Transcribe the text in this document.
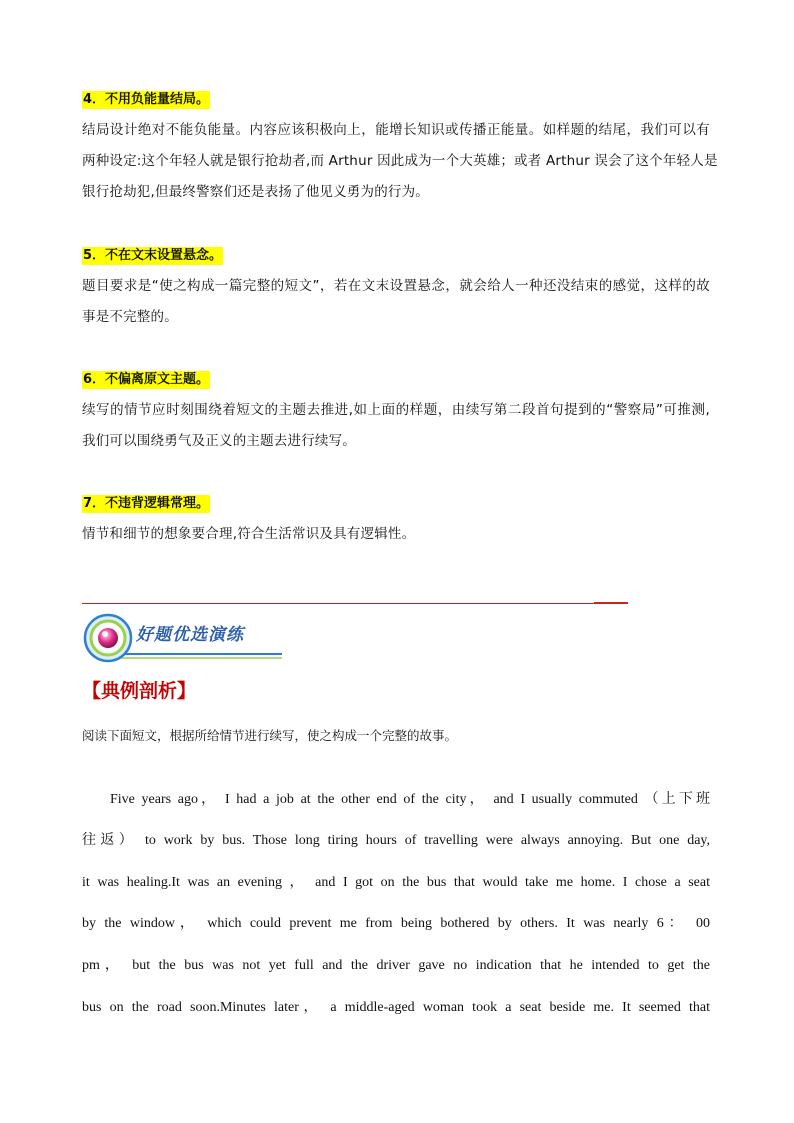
4．不用负能量结局。
结局设计绝对不能负能量。内容应该积极向上，能增长知识或传播正能量。如样题的结尾，我们可以有
两种设定:这个年轻人就是银行抢劫者,而 Arthur 因此成为一个大英雄；或者 Arthur 误会了这个年轻人是
银行抢劫犯,但最终警察们还是表扬了他见义勇为的行为。
5．不在文末设置悬念。
题目要求是“使之构成一篇完整的短文”，若在文末设置悬念，就会给人一种还没结束的感觉，这样的故
事是不完整的。
6．不偏离原文主题。
续写的情节应时刻围绕着短文的主题去推进,如上面的样题，由续写第二段首句提到的“警察局”可推测,
我们可以围绕勇气及正义的主题去进行续写。
7．不违背逻辑常理。
情节和细节的想象要合理,符合生活常识及具有逻辑性。
好题优选演练
【典例剖析】
阅读下面短文，根据所给情节进行续写，使之构成一个完整的故事。
Five years ago， I had a job at the other end of the city， and I usually commuted （上下班
往返） to work by bus. Those long tiring hours of travelling were always annoying. But one day,
it was healing.It was an evening ， and I got on the bus that would take me home. I chose a seat
by the window， which could prevent me from being bothered by others. It was nearly 6： 00
pm， but the bus was not yet full and the driver gave no indication that he intended to get the
bus on the road soon.Minutes later， a middle-aged woman took a seat beside me. It seemed that
